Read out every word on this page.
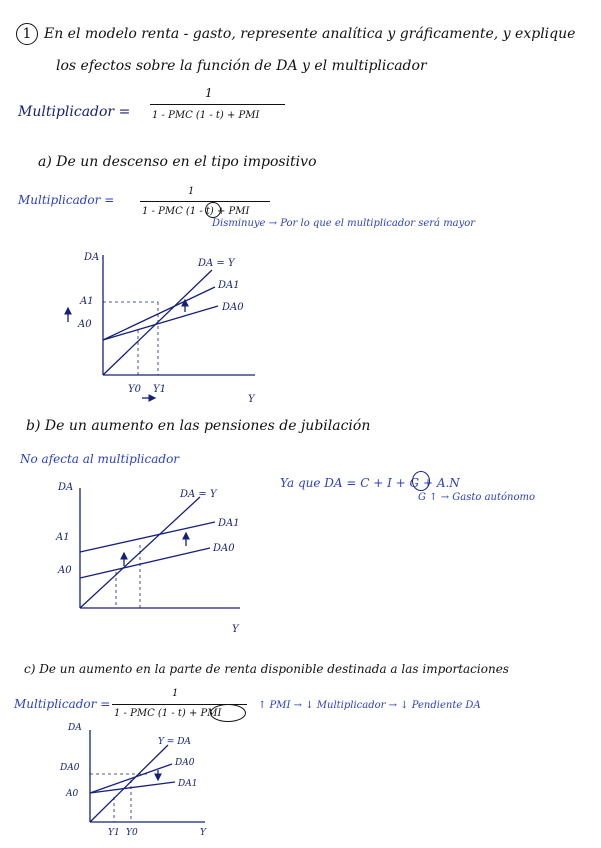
1 En el modelo renta - gasto, represente analítica y gráficamente, y explique
los efectos sobre la función de DA y el multiplicador
Multiplicador =
1
1 - PMC (1 - t) + PMI
a) De un descenso en el tipo impositivo
Multiplicador =
1
1 - PMC (1 - t) + PMI
Disminuye → Por lo que el multiplicador será mayor
b) De un aumento en las pensiones de jubilación
No afecta al multiplicador
Ya que DA = C + I + G + A.N
G ↑ → Gasto autónomo
c) De un aumento en la parte de renta disponible destinada a las importaciones
Multiplicador =
1
1 - PMC (1 - t) + PMI
↑ PMI → ↓ Multiplicador → ↓ Pendiente DA
DA
Y
DA = Y
DA1
DA0
A1
A0
Y0 Y1
DA
Y
DA = Y
DA1
DA0
A1
A0
DA
Y
Y = DA
DA0
DA1
DA0
A0
Y1 Y0
